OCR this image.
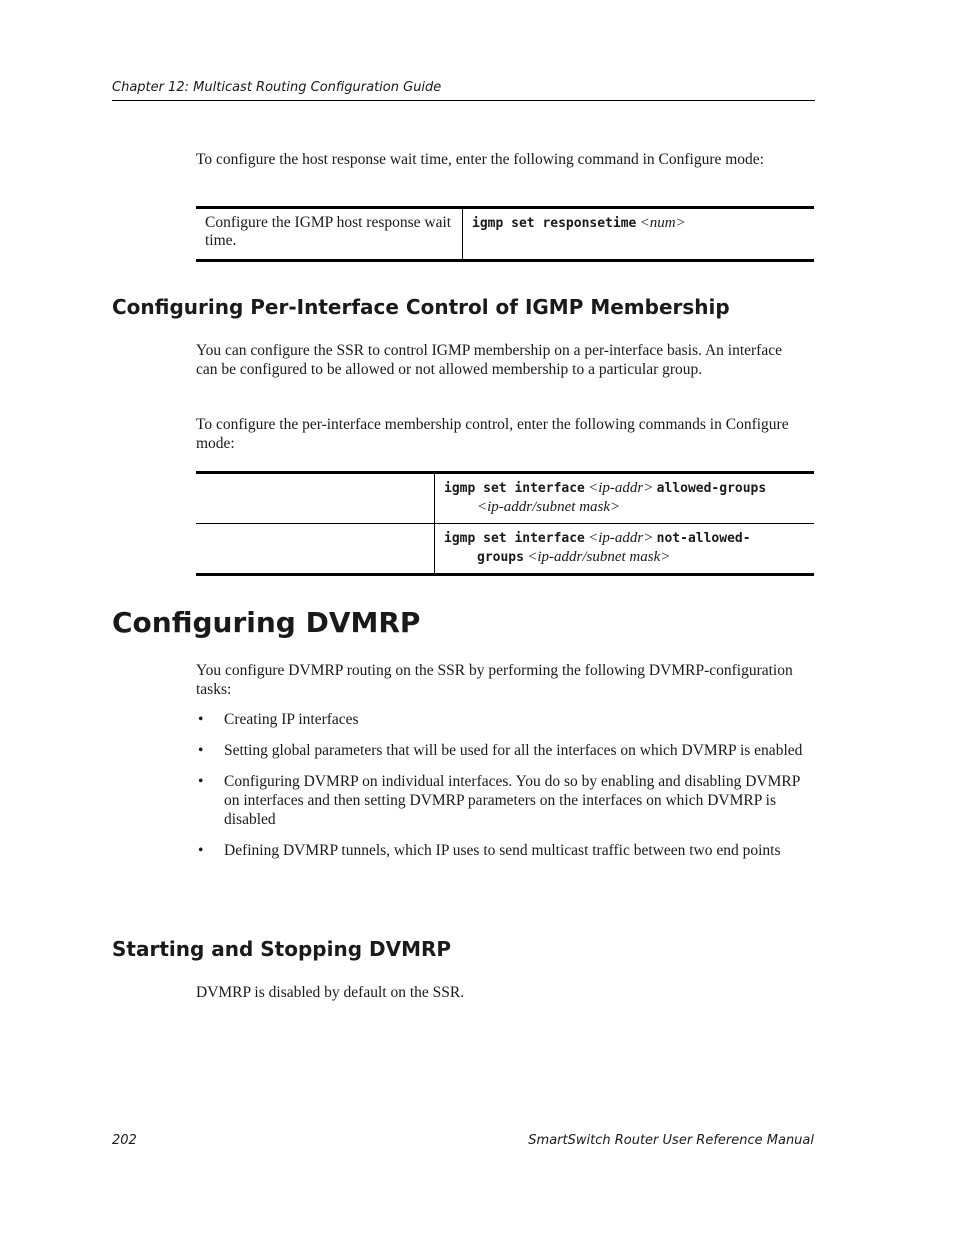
Chapter 12: Multicast Routing Configuration Guide

To configure the host response wait time, enter the following command in Configure mode:

Configure the IGMP host response wait time.	igmp set responsetime <num>
Configuring Per-Interface Control of IGMP Membership

You can configure the SSR to control IGMP membership on a per-interface basis. An interface can be configured to be allowed or not allowed membership to a particular group.

To configure the per-interface membership control, enter the following commands in Configure mode:

	igmp set interface <ip-addr> allowed-groups
<ip-addr/subnet mask>

	igmp set interface <ip-addr> not-allowed-
groups <ip-addr/subnet mask>
Configuring DVMRP

You configure DVMRP routing on the SSR by performing the following DVMRP-configuration tasks:

• Creating IP interfaces
• Setting global parameters that will be used for all the interfaces on which DVMRP is enabled
• Configuring DVMRP on individual interfaces. You do so by enabling and disabling DVMRP on interfaces and then setting DVMRP parameters on the interfaces on which DVMRP is disabled
• Defining DVMRP tunnels, which IP uses to send multicast traffic between two end points
Starting and Stopping DVMRP

DVMRP is disabled by default on the SSR.

202	SmartSwitch Router User Reference Manual
